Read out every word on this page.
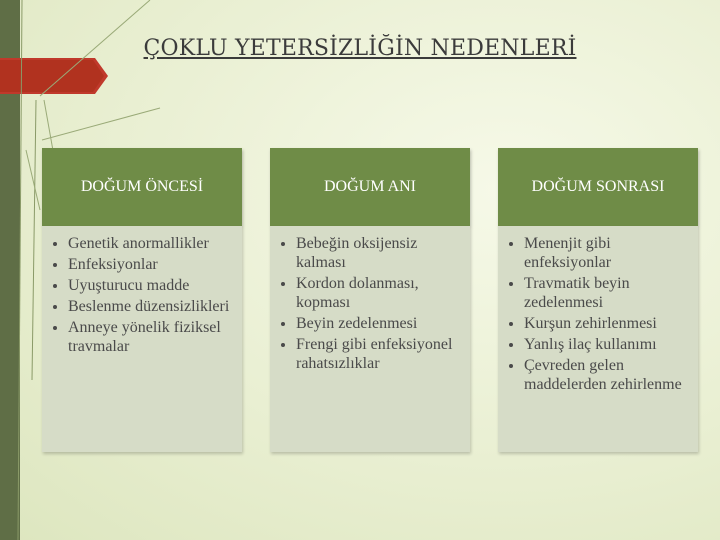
ÇOKLU YETERSİZLİĞİN NEDENLERİ
DOĞUM ÖNCESİ
• Genetik anormallikler
• Enfeksiyonlar
• Uyuşturucu madde
• Beslenme düzensizlikleri
• Anneye yönelik fiziksel travmalar
DOĞUM ANI
• Bebeğin oksijensiz kalması
• Kordon dolanması, kopması
• Beyin zedelenmesi
• Frengi gibi enfeksiyonel rahatsızlıklar
DOĞUM SONRASI
• Menenjit gibi enfeksiyonlar
• Travmatik beyin zedelenmesi
• Kurşun zehirlenmesi
• Yanlış ilaç kullanımı
• Çevreden gelen maddelerden zehirlenme
